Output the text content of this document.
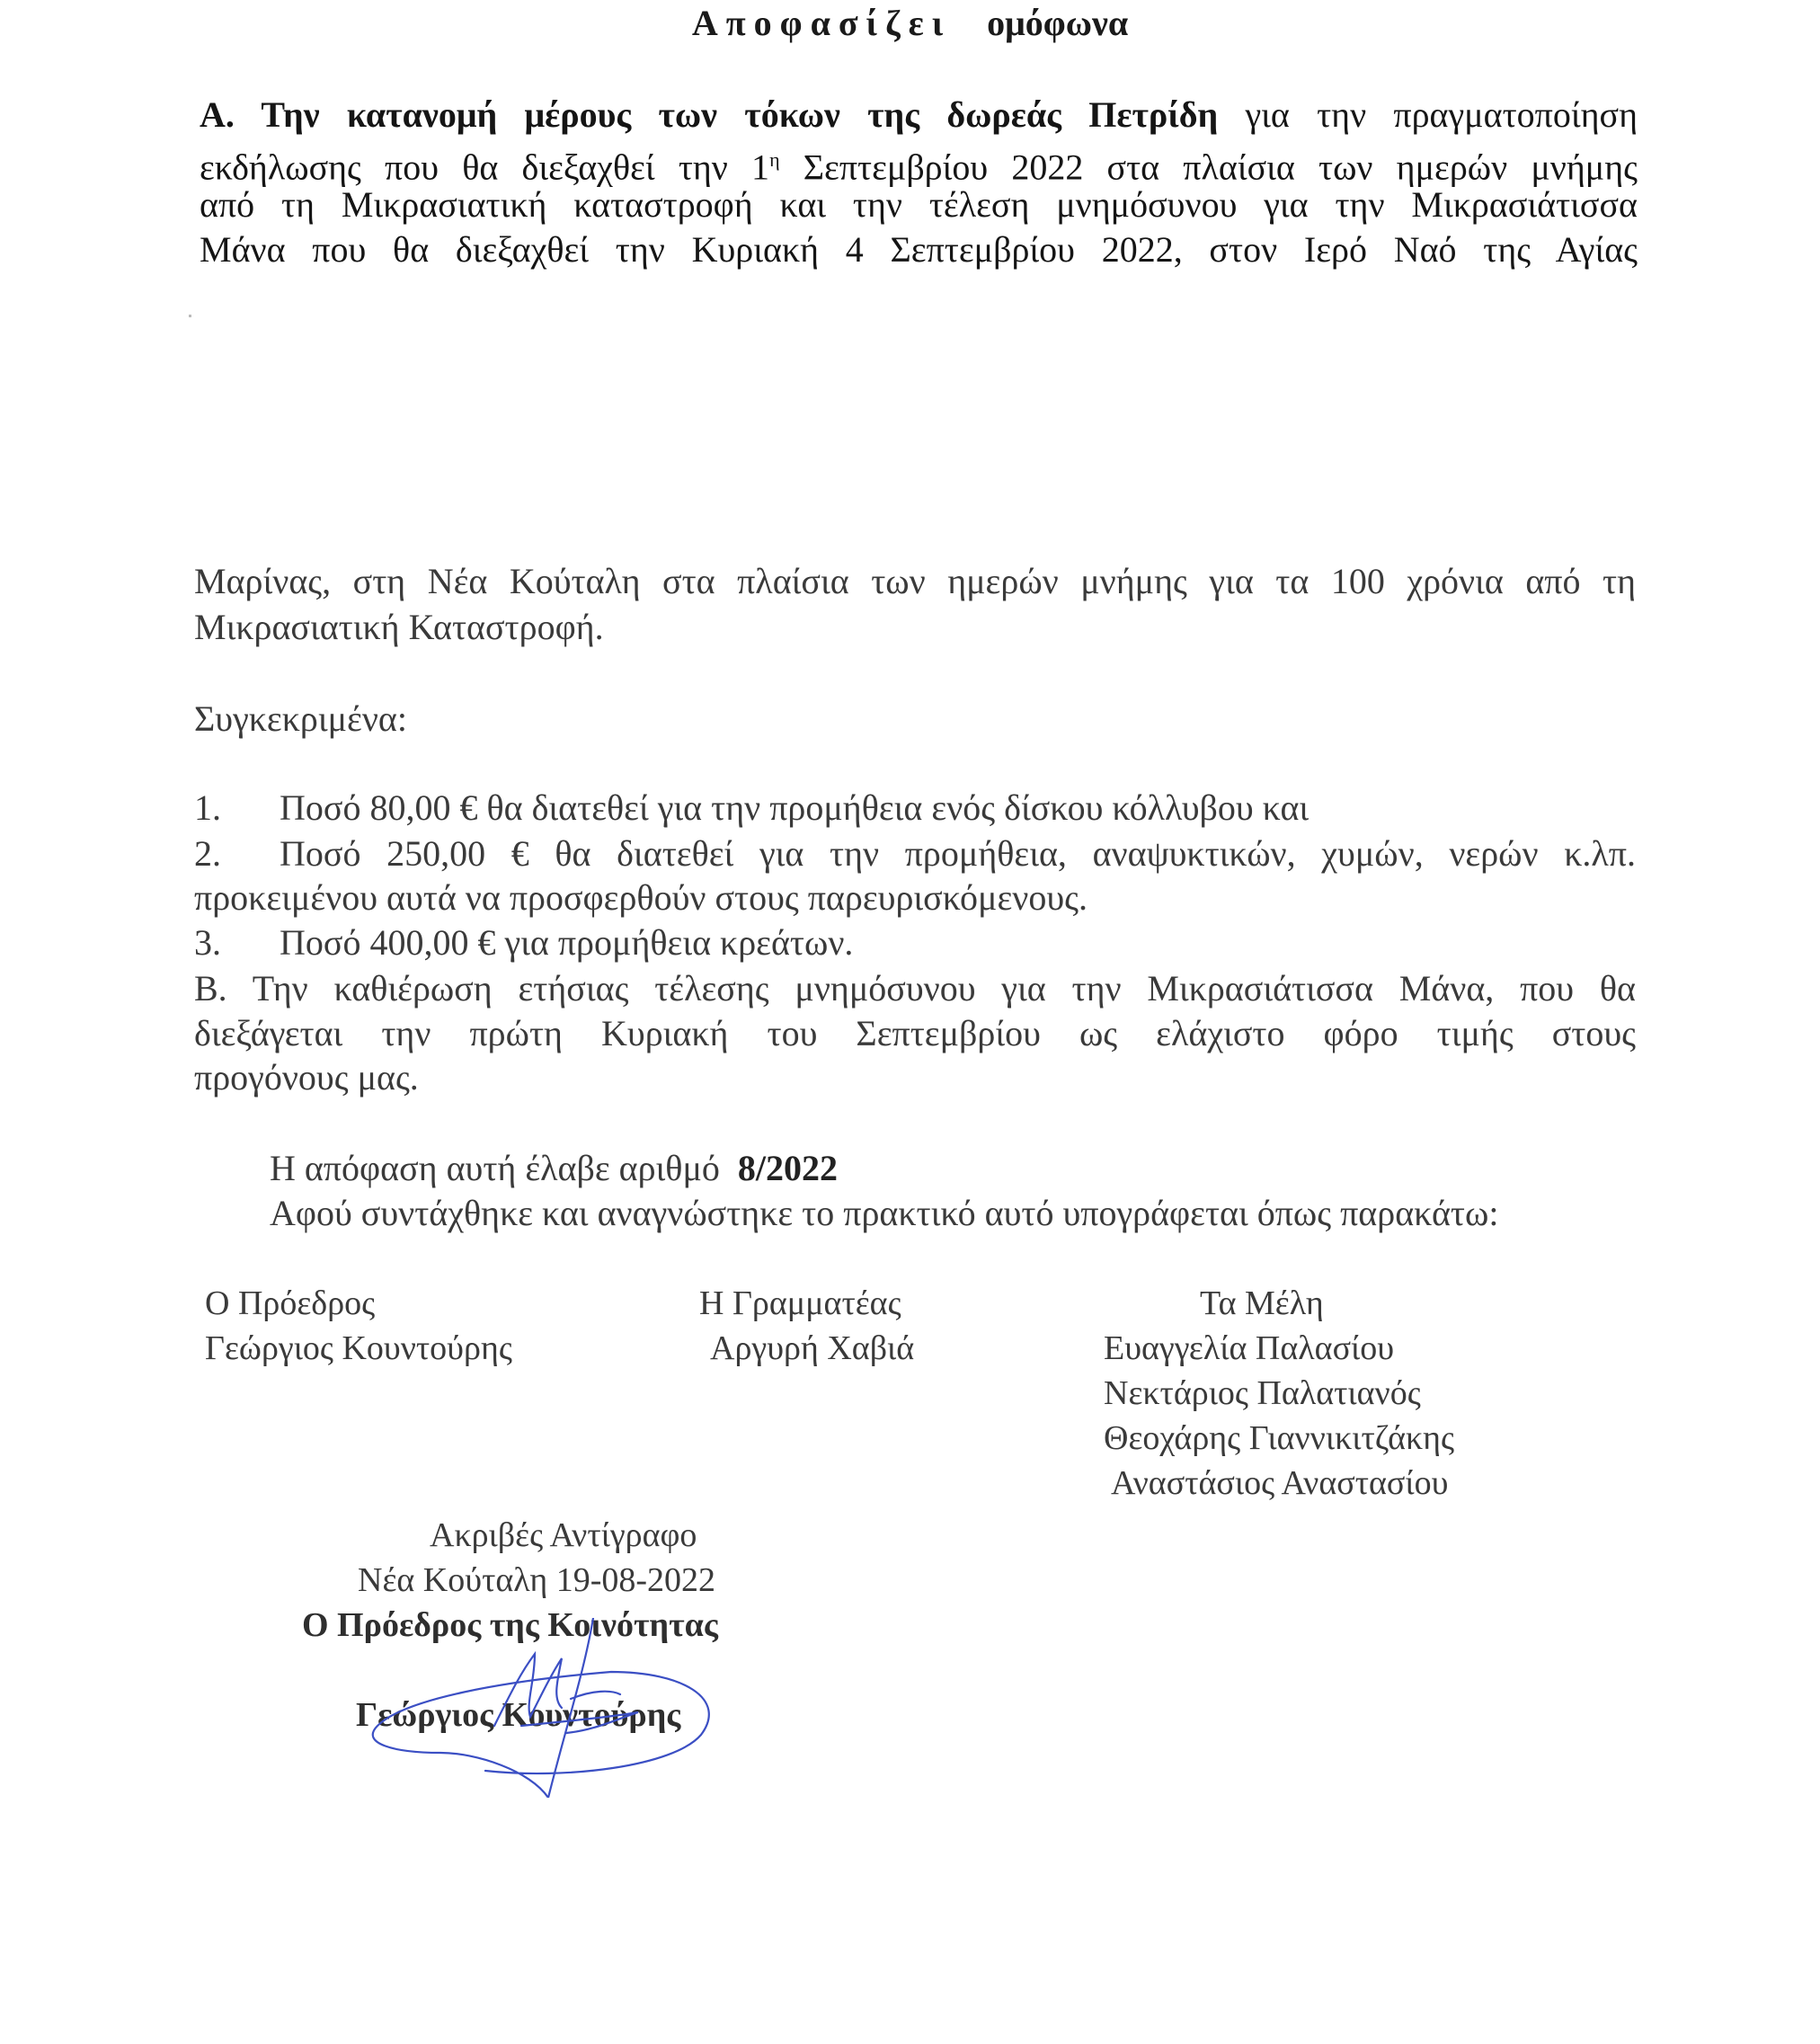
Αποφασίζει ομόφωνα
Α. Την κατανομή μέρους των τόκων της δωρεάς Πετρίδη για την πραγματοποίηση
εκδήλωσης που θα διεξαχθεί την $1^\eta$ Σεπτεμβρίου 2022 στα πλαίσια των ημερών μνήμης
από τη Μικρασιατική καταστροφή και την τέλεση μνημόσυνου για την Μικρασιάτισσα
Μάνα που θα διεξαχθεί την Κυριακή 4 Σεπτεμβρίου 2022, στον Ιερό Ναό της Αγίας
Μαρίνας, στη Νέα Κούταλη στα πλαίσια των ημερών μνήμης για τα 100 χρόνια από τη
Μικρασιατική Καταστροφή.
Συγκεκριμένα:
1. Ποσό 80,00 € θα διατεθεί για την προμήθεια ενός δίσκου κόλλυβου και
2. Ποσό 250,00 € θα διατεθεί για την προμήθεια, αναψυκτικών, χυμών, νερών κ.λπ.
προκειμένου αυτά να προσφερθούν στους παρευρισκόμενους.
3. Ποσό 400,00 € για προμήθεια κρεάτων.
Β. Την καθιέρωση ετήσιας τέλεσης μνημόσυνου για την Μικρασιάτισσα Μάνα, που θα
διεξάγεται την πρώτη Κυριακή του Σεπτεμβρίου ως ελάχιστο φόρο τιμής στους
προγόνους μας.
Η απόφαση αυτή έλαβε αριθμό 8/2022
Αφού συντάχθηκε και αναγνώστηκε το πρακτικό αυτό υπογράφεται όπως παρακάτω:
Ο Πρόεδρος
Γεώργιος Κουντούρης
Η Γραμματέας
Αργυρή Χαβιά
Τα Μέλη
Ευαγγελία Παλασίου
Νεκτάριος Παλατιανός
Θεοχάρης Γιαννικιτζάκης
Αναστάσιος Αναστασίου
Ακριβές Αντίγραφο
Νέα Κούταλη 19-08-2022
Ο Πρόεδρος της Κοινότητας
Γεώργιος Κουντούρης
